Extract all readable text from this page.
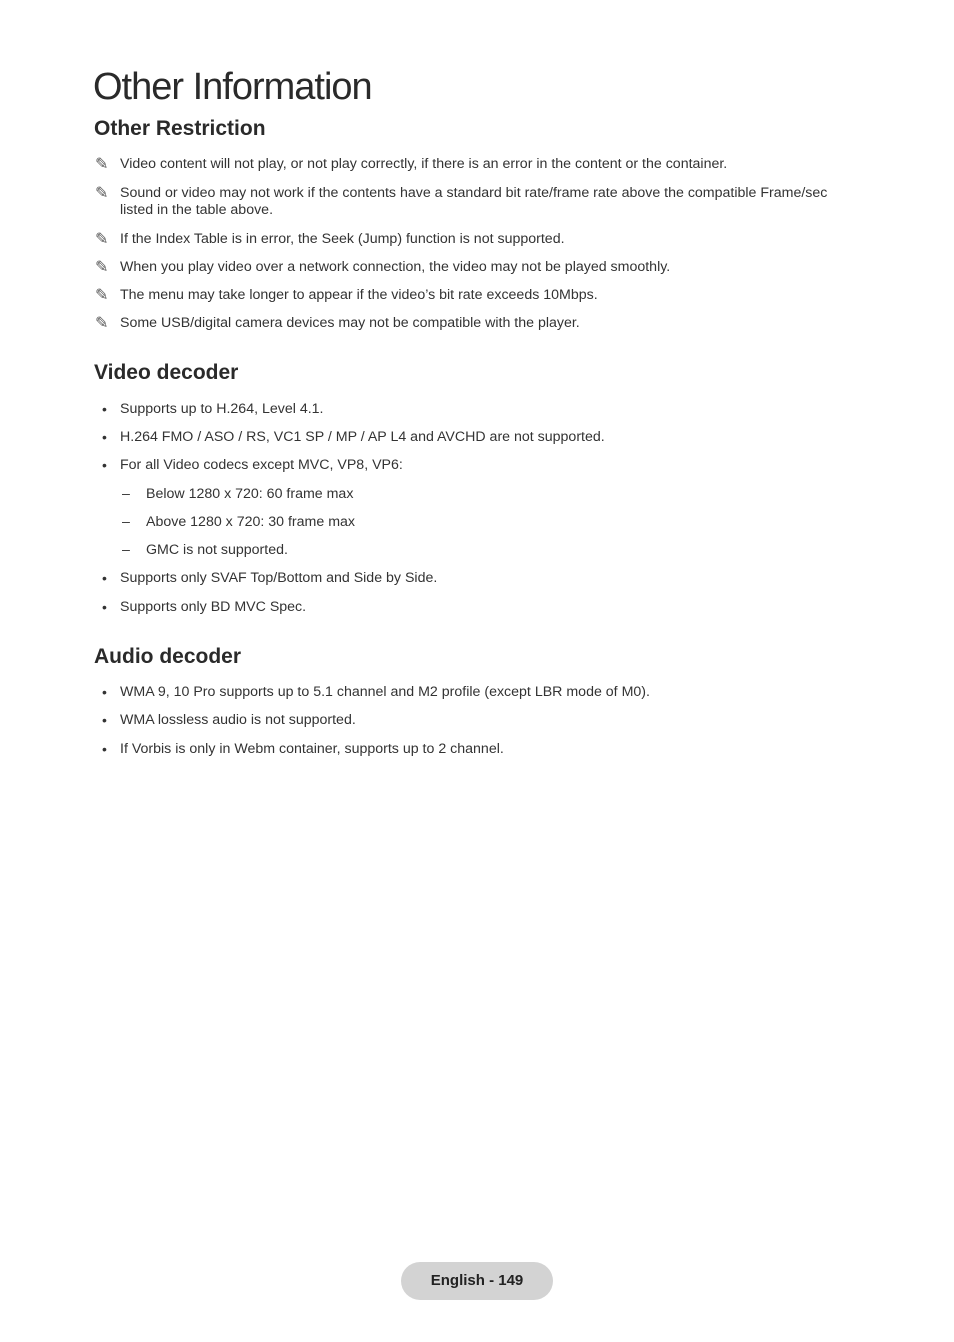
Other Information
Other Restriction
✎ Video content will not play, or not play correctly, if there is an error in the content or the container.
✎ Sound or video may not work if the contents have a standard bit rate/frame rate above the compatible Frame/sec listed in the table above.
✎ If the Index Table is in error, the Seek (Jump) function is not supported.
✎ When you play video over a network connection, the video may not be played smoothly.
✎ The menu may take longer to appear if the video’s bit rate exceeds 10Mbps.
✎ Some USB/digital camera devices may not be compatible with the player.
Video decoder
• Supports up to H.264, Level 4.1.
• H.264 FMO / ASO / RS, VC1 SP / MP / AP L4 and AVCHD are not supported.
• For all Video codecs except MVC, VP8, VP6:
– Below 1280 x 720: 60 frame max
– Above 1280 x 720: 30 frame max
– GMC is not supported.
• Supports only SVAF Top/Bottom and Side by Side.
• Supports only BD MVC Spec.
Audio decoder
• WMA 9, 10 Pro supports up to 5.1 channel and M2 profile (except LBR mode of M0).
• WMA lossless audio is not supported.
• If Vorbis is only in Webm container, supports up to 2 channel.
English - 149
